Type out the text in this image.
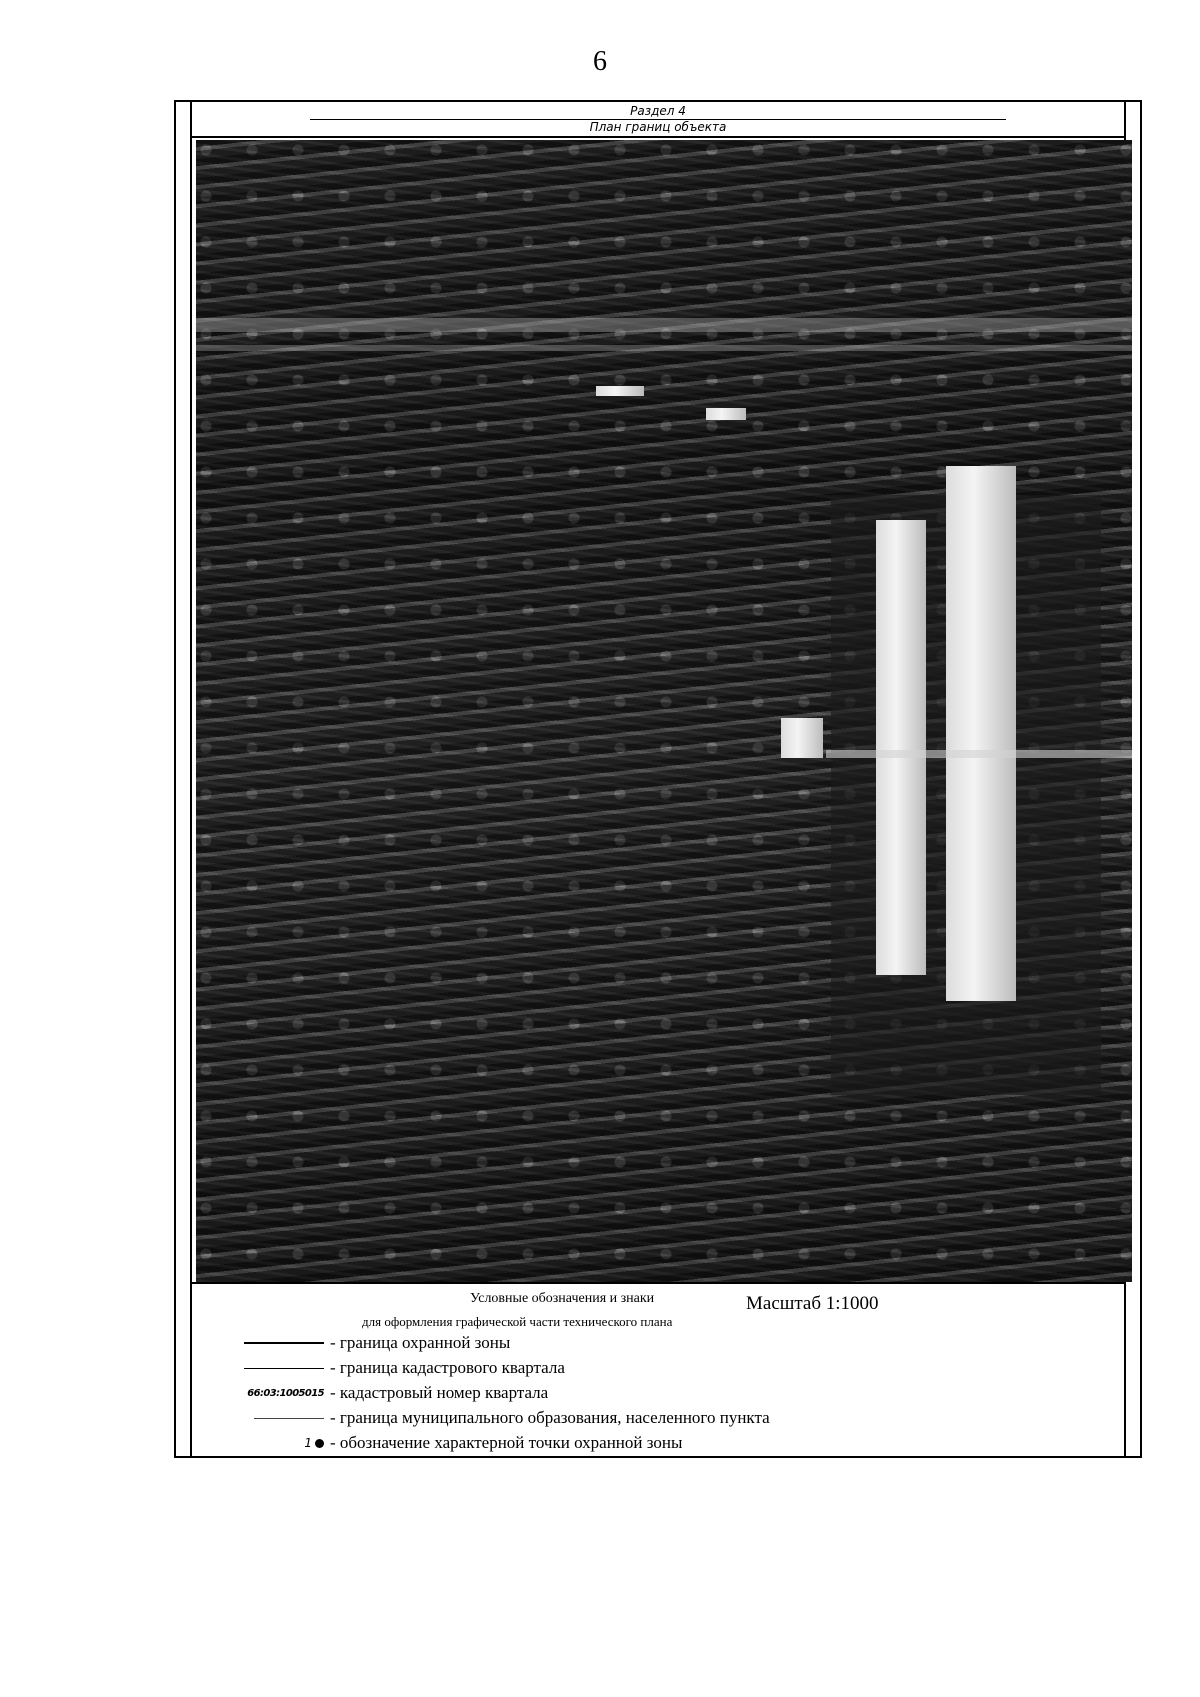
6
Раздел 4
План границ объекта
Условные обозначения и знаки	Масштаб 1:1000
для оформления графической части технического плана
- граница охранной зоны
- граница кадастрового квартала
66:03:1005015 - кадастровый номер квартала
- граница муниципального образования, населенного пункта
1 - обозначение характерной точки охранной зоны
